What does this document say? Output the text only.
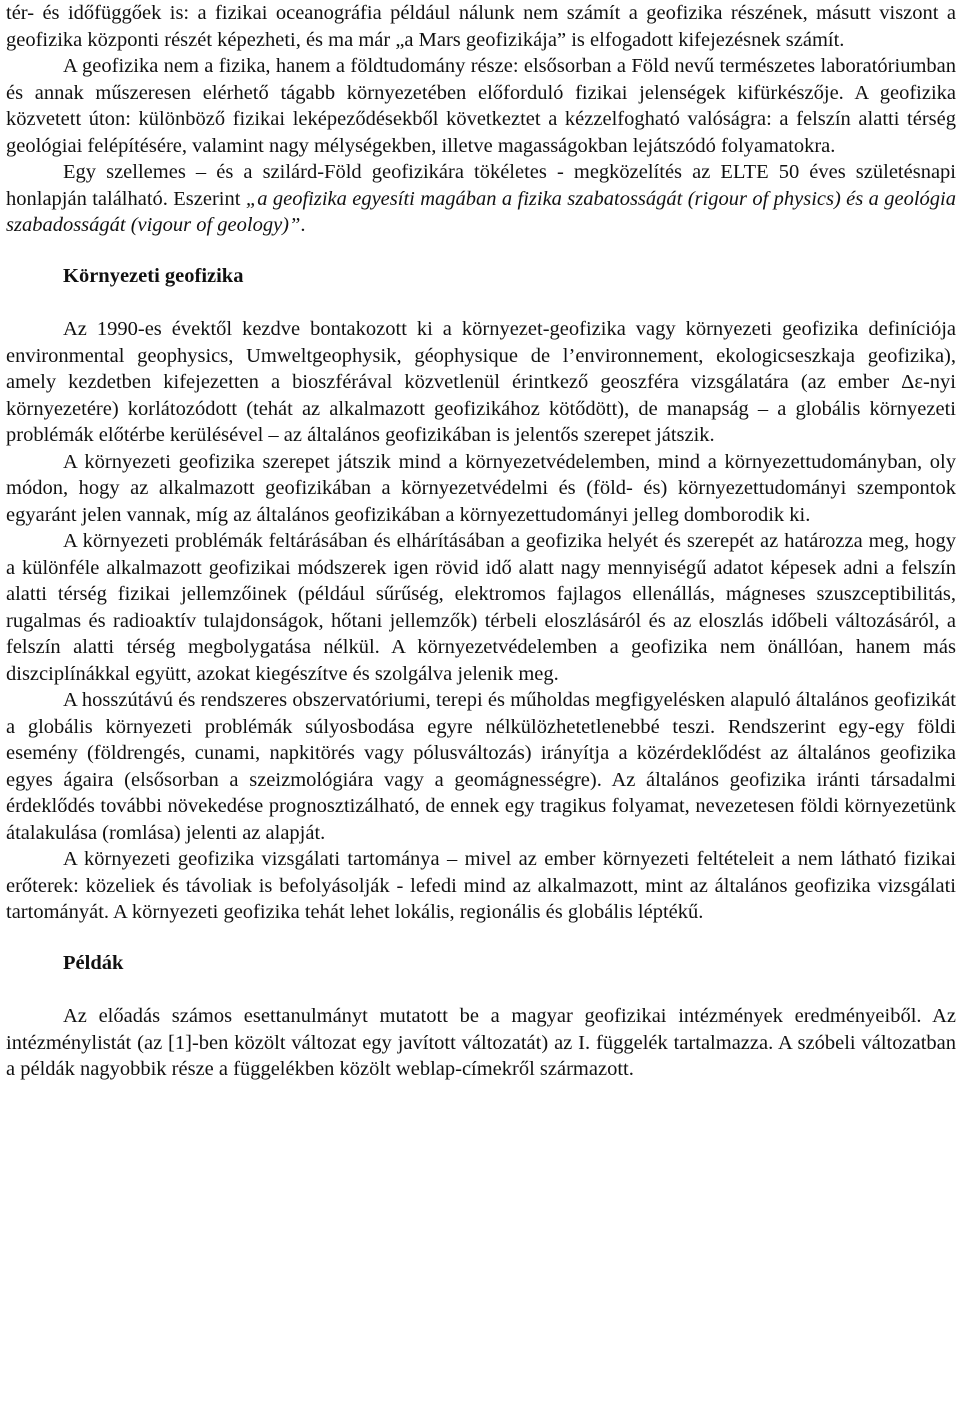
tér- és időfüggőek is: a fizikai oceanográfia például nálunk nem számít a geofizika részének, másutt viszont a geofizika központi részét képezheti, és ma már „a Mars geofizikája” is elfogadott kifejezésnek számít.

A geofizika nem a fizika, hanem a földtudomány része: elsősorban a Föld nevű természetes laboratóriumban és annak műszeresen elérhető tágabb környezetében előforduló fizikai jelenségek kifürkészője. A geofizika közvetett úton: különböző fizikai leképeződésekből következtet a kézzelfogható valóságra: a felszín alatti térség geológiai felépítésére, valamint nagy mélységekben, illetve magasságokban lejátszódó folyamatokra.

Egy szellemes – és a szilárd-Föld geofizikára tökéletes - megközelítés az ELTE 50 éves születésnapi honlapján található. Eszerint „a geofizika egyesíti magában a fizika szabatosságát (rigour of physics) és a geológia szabadosságát (vigour of geology)”.

Környezeti geofizika

Az 1990-es évektől kezdve bontakozott ki a környezet-geofizika vagy környezeti geofizika definíciója environmental geophysics, Umweltgeophysik, géophysique de l’environnement, ekologicseszkaja geofizika), amely kezdetben kifejezetten a bioszférával közvetlenül érintkező geoszféra vizsgálatára (az ember Δε-nyi környezetére) korlátozódott (tehát az alkalmazott geofizikához kötődött), de manapság – a globális környezeti problémák előtérbe kerülésével – az általános geofizikában is jelentős szerepet játszik.

A környezeti geofizika szerepet játszik mind a környezetvédelemben, mind a környezettudományban, oly módon, hogy az alkalmazott geofizikában a környezetvédelmi és (föld- és) környezettudományi szempontok egyaránt jelen vannak, míg az általános geofizikában a környezettudományi jelleg domborodik ki.

A környezeti problémák feltárásában és elhárításában a geofizika helyét és szerepét az határozza meg, hogy a különféle alkalmazott geofizikai módszerek igen rövid idő alatt nagy mennyiségű adatot képesek adni a felszín alatti térség fizikai jellemzőinek (például sűrűség, elektromos fajlagos ellenállás, mágneses szuszceptibilitás, rugalmas és radioaktív tulajdonságok, hőtani jellemzők) térbeli eloszlásáról és az eloszlás időbeli változásáról, a felszín alatti térség megbolygatása nélkül. A környezetvédelemben a geofizika nem önállóan, hanem más diszciplínákkal együtt, azokat kiegészítve és szolgálva jelenik meg.

A hosszútávú és rendszeres obszervatóriumi, terepi és műholdas megfigyelésken alapuló általános geofizikát a globális környezeti problémák súlyosbodása egyre nélkülözhetetlenebbé teszi. Rendszerint egy-egy földi esemény (földrengés, cunami, napkitörés vagy pólusváltozás) irányítja a közérdeklődést az általános geofizika egyes ágaira (elsősorban a szeizmológiára vagy a geomágnességre). Az általános geofizika iránti társadalmi érdeklődés további növekedése prognosztizálható, de ennek egy tragikus folyamat, nevezetesen földi környezetünk átalakulása (romlása) jelenti az alapját.

A környezeti geofizika vizsgálati tartománya – mivel az ember környezeti feltételeit a nem látható fizikai erőterek: közeliek és távoliak is befolyásolják - lefedi mind az alkalmazott, mint az általános geofizika vizsgálati tartományát. A környezeti geofizika tehát lehet lokális, regionális és globális léptékű.

Példák

Az előadás számos esettanulmányt mutatott be a magyar geofizikai intézmények eredményeiből. Az intézménylistát (az [1]-ben közölt változat egy javított változatát) az I. függelék tartalmazza. A szóbeli változatban a példák nagyobbik része a függelékben közölt weblap-címekről származott.
